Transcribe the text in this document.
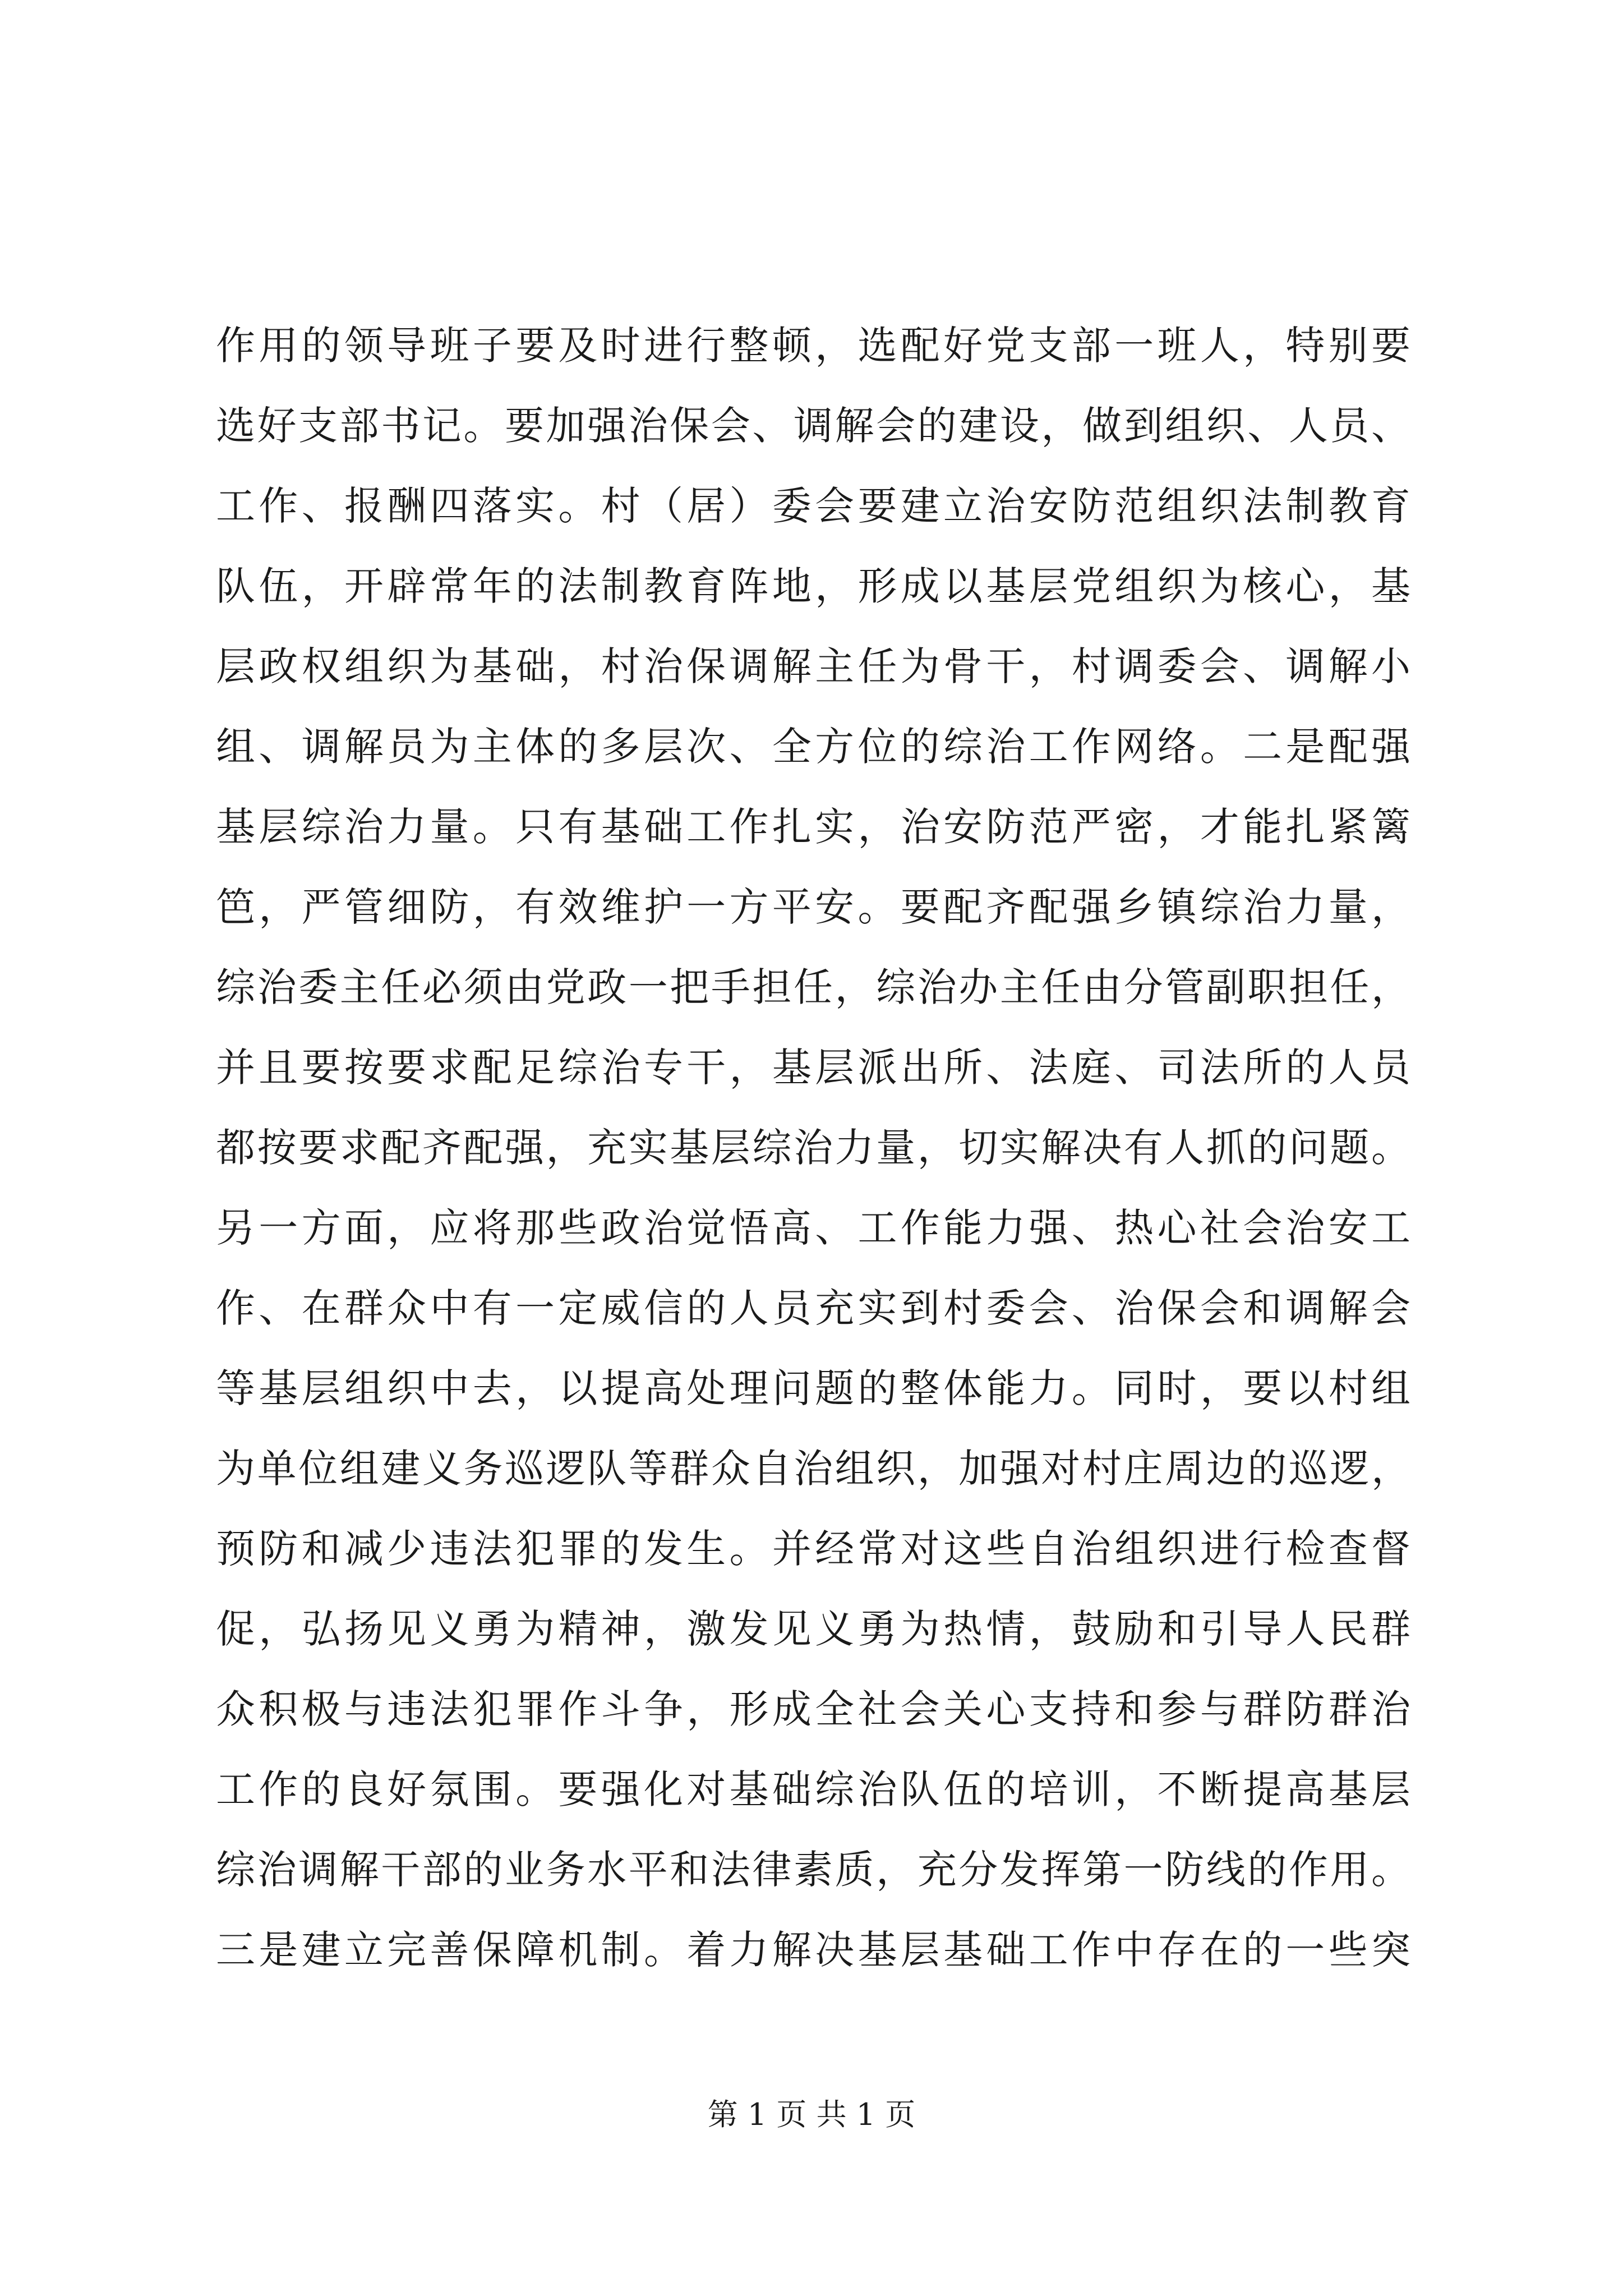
作用的领导班子要及时进行整顿，选配好党支部一班人，特别要
选好支部书记。要加强治保会、调解会的建设，做到组织、人员、
工作、报酬四落实。村（居）委会要建立治安防范组织法制教育
队伍，开辟常年的法制教育阵地，形成以基层党组织为核心，基
层政权组织为基础，村治保调解主任为骨干，村调委会、调解小
组、调解员为主体的多层次、全方位的综治工作网络。二是配强
基层综治力量。只有基础工作扎实，治安防范严密，才能扎紧篱
笆，严管细防，有效维护一方平安。要配齐配强乡镇综治力量，
综治委主任必须由党政一把手担任，综治办主任由分管副职担任，
并且要按要求配足综治专干，基层派出所、法庭、司法所的人员
都按要求配齐配强，充实基层综治力量，切实解决有人抓的问题。
另一方面，应将那些政治觉悟高、工作能力强、热心社会治安工
作、在群众中有一定威信的人员充实到村委会、治保会和调解会
等基层组织中去，以提高处理问题的整体能力。同时，要以村组
为单位组建义务巡逻队等群众自治组织，加强对村庄周边的巡逻，
预防和减少违法犯罪的发生。并经常对这些自治组织进行检查督
促，弘扬见义勇为精神，激发见义勇为热情，鼓励和引导人民群
众积极与违法犯罪作斗争，形成全社会关心支持和参与群防群治
工作的良好氛围。要强化对基础综治队伍的培训，不断提高基层
综治调解干部的业务水平和法律素质，充分发挥第一防线的作用。
三是建立完善保障机制。着力解决基层基础工作中存在的一些突
第 1 页 共 1 页
